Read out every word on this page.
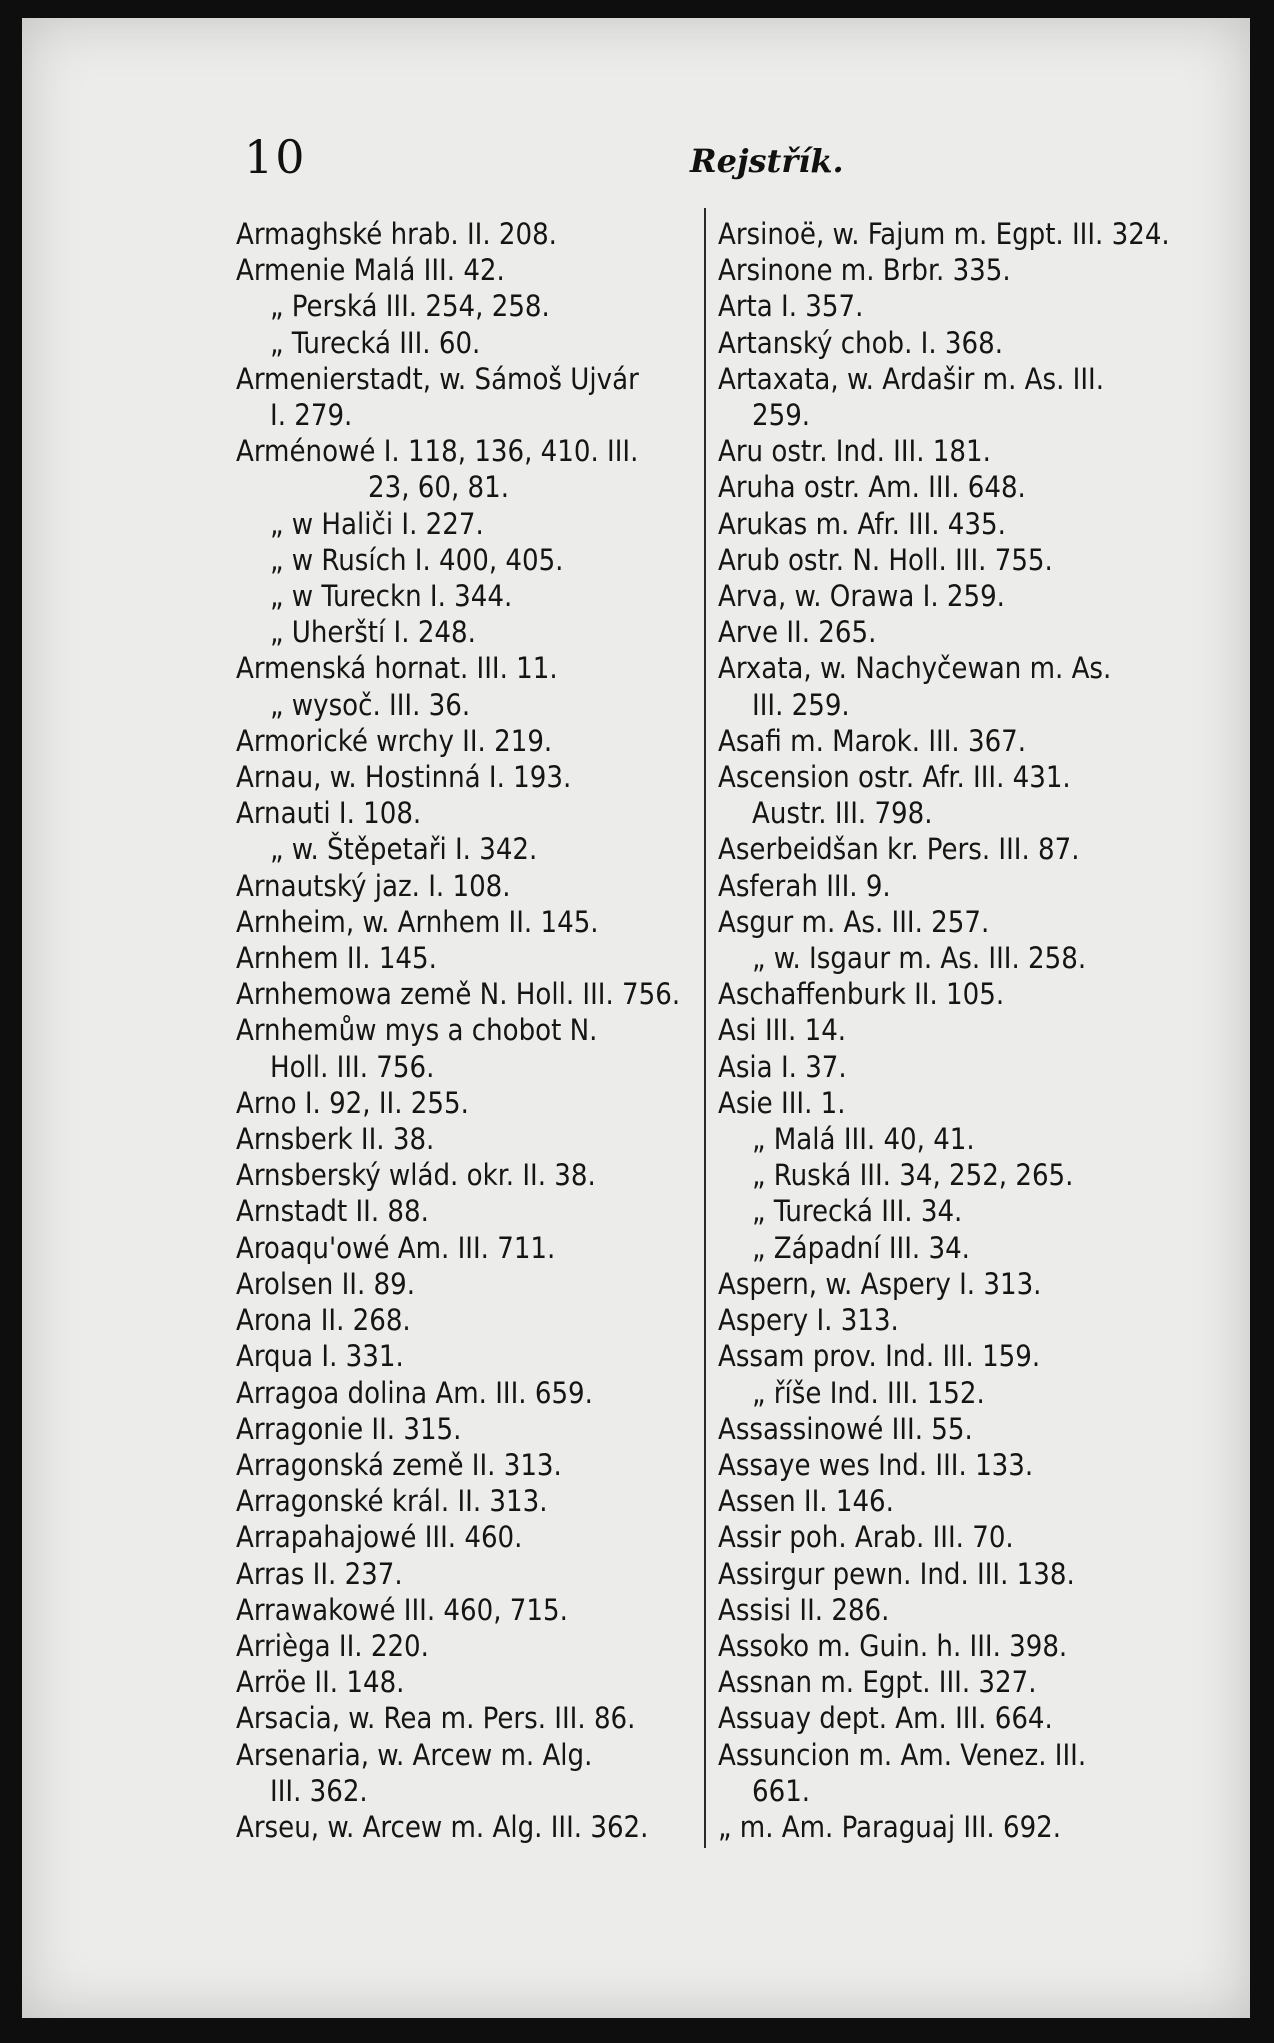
10	Rejstřík.
Armaghské hrab. II. 208.
Armenie Malá III. 42.
„ Perská III. 254, 258.
„ Turecká III. 60.
Armenierstadt, w. Sámoš Ujvár
I. 279.
Arménowé I. 118, 136, 410. III.
23, 60, 81.
„ w Haliči I. 227.
„ w Rusích I. 400, 405.
„ w Tureckn I. 344.
„ Uherští I. 248.
Armenská hornat. III. 11.
„ wysoč. III. 36.
Armorické wrchy II. 219.
Arnau, w. Hostinná I. 193.
Arnauti I. 108.
„ w. Štěpetaři I. 342.
Arnautský jaz. I. 108.
Arnheim, w. Arnhem II. 145.
Arnhem II. 145.
Arnhemowa země N. Holl. III. 756.
Arnhemůw mys a chobot N.
Holl. III. 756.
Arno I. 92, II. 255.
Arnsberk II. 38.
Arnsberský wlád. okr. II. 38.
Arnstadt II. 88.
Aroaqu'owé Am. III. 711.
Arolsen II. 89.
Arona II. 268.
Arqua I. 331.
Arragoa dolina Am. III. 659.
Arragonie II. 315.
Arragonská země II. 313.
Arragonské král. II. 313.
Arrapahajowé III. 460.
Arras II. 237.
Arrawakowé III. 460, 715.
Arrièga II. 220.
Arröe II. 148.
Arsacia, w. Rea m. Pers. III. 86.
Arsenaria, w. Arcew m. Alg.
III. 362.
Arseu, w. Arcew m. Alg. III. 362.
Arsinoë, w. Fajum m. Egpt. III. 324.
Arsinone m. Brbr. 335.
Arta I. 357.
Artanský chob. I. 368.
Artaxata, w. Ardašir m. As. III.
259.
Aru ostr. Ind. III. 181.
Aruha ostr. Am. III. 648.
Arukas m. Afr. III. 435.
Arub ostr. N. Holl. III. 755.
Arva, w. Orawa I. 259.
Arve II. 265.
Arxata, w. Nachyčewan m. As.
III. 259.
Asafi m. Marok. III. 367.
Ascension ostr. Afr. III. 431.
Austr. III. 798.
Aserbeidšan kr. Pers. III. 87.
Asferah III. 9.
Asgur m. As. III. 257.
„ w. Isgaur m. As. III. 258.
Aschaffenburk II. 105.
Asi III. 14.
Asia I. 37.
Asie III. 1.
„ Malá III. 40, 41.
„ Ruská III. 34, 252, 265.
„ Turecká III. 34.
„ Západní III. 34.
Aspern, w. Aspery I. 313.
Aspery I. 313.
Assam prov. Ind. III. 159.
„ říše Ind. III. 152.
Assassinowé III. 55.
Assaye wes Ind. III. 133.
Assen II. 146.
Assir poh. Arab. III. 70.
Assirgur pewn. Ind. III. 138.
Assisi II. 286.
Assoko m. Guin. h. III. 398.
Assnan m. Egpt. III. 327.
Assuay dept. Am. III. 664.
Assuncion m. Am. Venez. III.
661.
„ m. Am. Paraguaj III. 692.
